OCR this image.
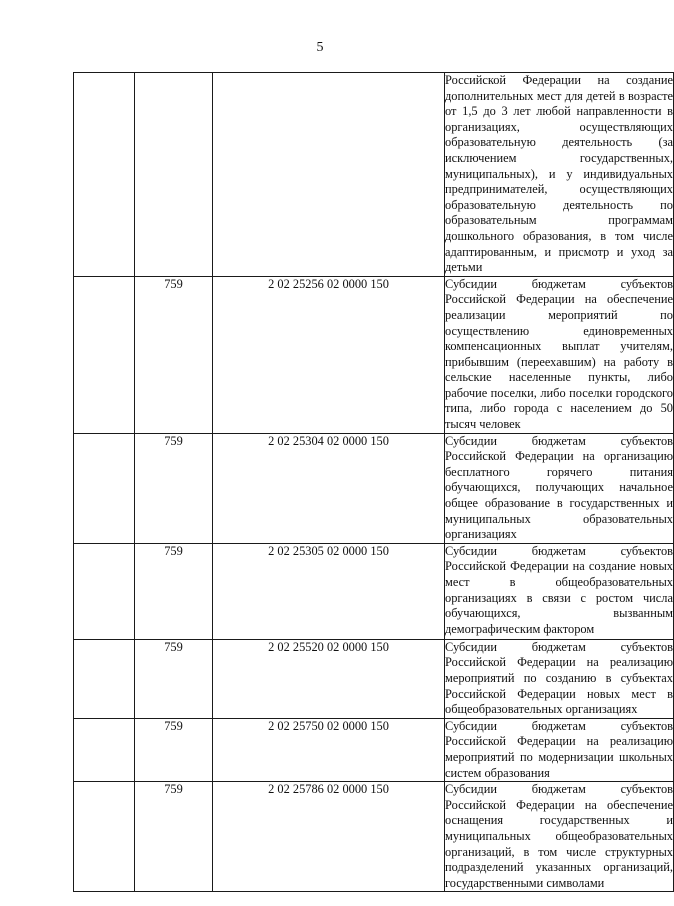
5
			Российской Федерации на создание дополнительных мест для детей в возрасте от 1,5 до 3 лет любой направленности в организациях, осуществляющих образовательную деятельность (за исключением государственных, муниципальных), и у индивидуальных предпринимателей, осуществляющих образовательную деятельность по образовательным программам дошкольного образования, в том числе адаптированным, и присмотр и уход за детьми
	759	2 02 25256 02 0000 150	Субсидии бюджетам субъектов Российской Федерации на обеспечение реализации мероприятий по осуществлению единовременных компенсационных выплат учителям, прибывшим (переехавшим) на работу в сельские населенные пункты, либо рабочие поселки, либо поселки городского типа, либо города с населением до 50 тысяч человек
	759	2 02 25304 02 0000 150	Субсидии бюджетам субъектов Российской Федерации на организацию бесплатного горячего питания обучающихся, получающих начальное общее образование в государственных и муниципальных образовательных организациях
	759	2 02 25305 02 0000 150	Субсидии бюджетам субъектов Российской Федерации на создание новых мест в общеобразовательных организациях в связи с ростом числа обучающихся, вызванным демографическим фактором
	759	2 02 25520 02 0000 150	Субсидии бюджетам субъектов Российской Федерации на реализацию мероприятий по созданию в субъектах Российской Федерации новых мест в общеобразовательных организациях
	759	2 02 25750 02 0000 150	Субсидии бюджетам субъектов Российской Федерации на реализацию мероприятий по модернизации школьных систем образования
	759	2 02 25786 02 0000 150	Субсидии бюджетам субъектов Российской Федерации на обеспечение оснащения государственных и муниципальных общеобразовательных организаций, в том числе структурных подразделений указанных организаций, государственными символами
